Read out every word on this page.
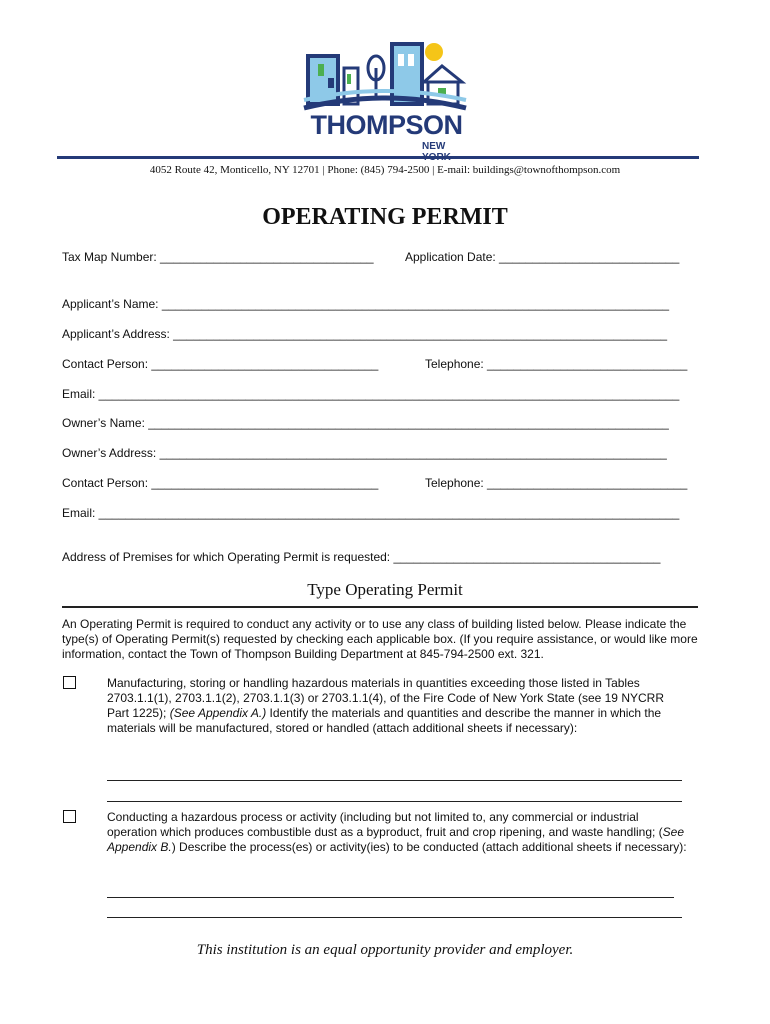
THOMPSON
NEW
4052 Route 42, Monticello, NY 12701 | Phone: (845) 794-2500 | E-mail: buildings@townofthompson.com
OPERATING PERMIT
Tax Map Number: ________________________________	Application Date: ___________________________
Applicant’s Name: ____________________________________________________________________________
Applicant’s Address: __________________________________________________________________________
Contact Person: __________________________________	Telephone: ______________________________
Email: _______________________________________________________________________________________
Owner’s Name: ______________________________________________________________________________
Owner’s Address: ____________________________________________________________________________
Contact Person: __________________________________	Telephone: ______________________________
Email: _______________________________________________________________________________________
Address of Premises for which Operating Permit is requested: ________________________________________
Type Operating Permit
An Operating Permit is required to conduct any activity or to use any class of building listed below. Please indicate the type(s) of Operating Permit(s) requested by checking each applicable box. (If you require assistance, or would like more information, contact the Town of Thompson Building Department at 845-794-2500 ext. 321.
Manufacturing, storing or handling hazardous materials in quantities exceeding those listed in Tables 2703.1.1(1), 2703.1.1(2), 2703.1.1(3) or 2703.1.1(4), of the Fire Code of New York State (see 19 NYCRR Part 1225); (See Appendix A.) Identify the materials and quantities and describe the manner in which the materials will be manufactured, stored or handled (attach additional sheets if necessary):
Conducting a hazardous process or activity (including but not limited to, any commercial or industrial operation which produces combustible dust as a byproduct, fruit and crop ripening, and waste handling; (See Appendix B.) Describe the process(es) or activity(ies) to be conducted (attach additional sheets if necessary):
This institution is an equal opportunity provider and employer.
